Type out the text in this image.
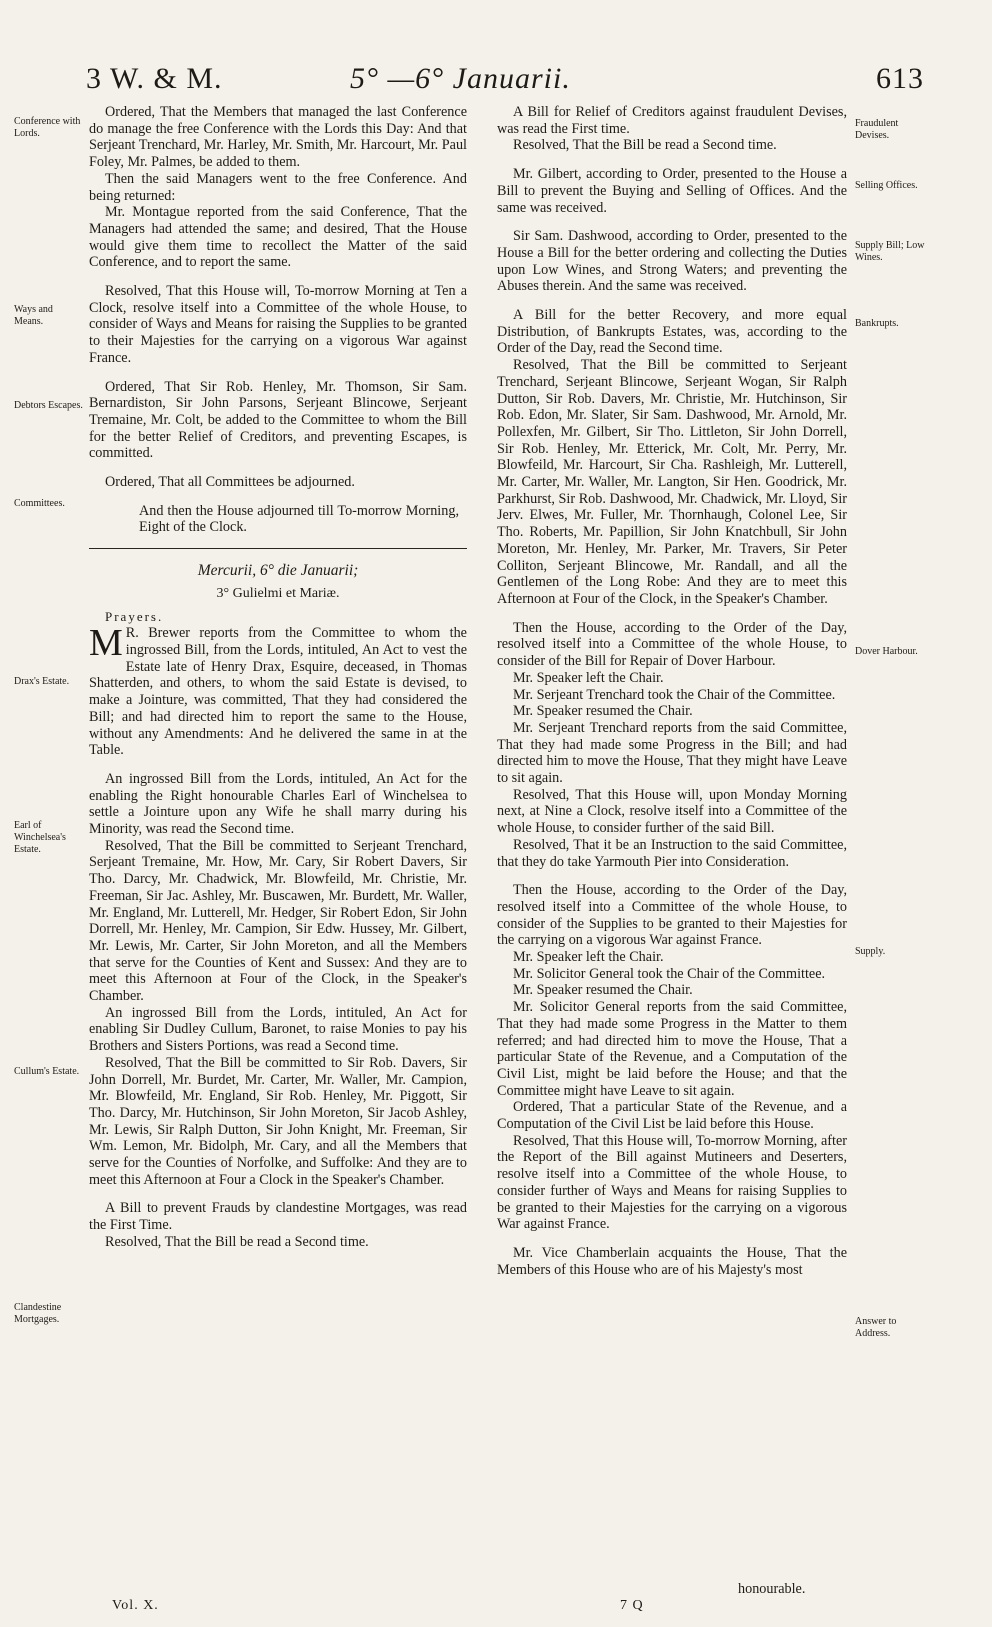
3 W. & M.	5° —6° Januarii.	613
Conference with Lords.
Ways and Means.
Debtors Escapes.
Committees.
Drax's Estate.
Earl of Winchelsea's Estate.
Cullum's Estate.
Clandestine Mortgages.
Fraudulent Devises.
Selling Offices.
Supply Bill; Low Wines.
Bankrupts.
Dover Harbour.
Supply.
Answer to Address.

Ordered, That the Members that managed the last Conference do manage the free Conference with the Lords this Day: And that Serjeant Trenchard, Mr. Harley, Mr. Smith, Mr. Harcourt, Mr. Paul Foley, Mr. Palmes, be added to them.

Then the said Managers went to the free Conference. And being returned:

Mr. Montague reported from the said Conference, That the Managers had attended the same; and desired, That the House would give them time to recollect the Matter of the said Conference, and to report the same.

Resolved, That this House will, To-morrow Morning at Ten a Clock, resolve itself into a Committee of the whole House, to consider of Ways and Means for raising the Supplies to be granted to their Majesties for the carrying on a vigorous War against France.

Ordered, That Sir Rob. Henley, Mr. Thomson, Sir Sam. Bernardiston, Sir John Parsons, Serjeant Blincowe, Serjeant Tremaine, Mr. Colt, be added to the Committee to whom the Bill for the better Relief of Creditors, and preventing Escapes, is committed.

Ordered, That all Committees be adjourned.

And then the House adjourned till To-morrow Morning, Eight of the Clock.

Mercurii, 6° die Januarii;

3° Gulielmi et Mariæ.

Prayers.

M R. Brewer reports from the Committee to whom the ingrossed Bill, from the Lords, intituled, An Act to vest the Estate late of Henry Drax, Esquire, deceased, in Thomas Shatterden, and others, to whom the said Estate is devised, to make a Jointure, was committed, That they had considered the Bill; and had directed him to report the same to the House, without any Amendments: And he delivered the same in at the Table.

An ingrossed Bill from the Lords, intituled, An Act for the enabling the Right honourable Charles Earl of Winchelsea to settle a Jointure upon any Wife he shall marry during his Minority, was read the Second time.

Resolved, That the Bill be committed to Serjeant Trenchard, Serjeant Tremaine, Mr. How, Mr. Cary, Sir Robert Davers, Sir Tho. Darcy, Mr. Chadwick, Mr. Blowfeild, Mr. Christie, Mr. Freeman, Sir Jac. Ashley, Mr. Buscawen, Mr. Burdett, Mr. Waller, Mr. England, Mr. Lutterell, Mr. Hedger, Sir Robert Edon, Sir John Dorrell, Mr. Henley, Mr. Campion, Sir Edw. Hussey, Mr. Gilbert, Mr. Lewis, Mr. Carter, Sir John Moreton, and all the Members that serve for the Counties of Kent and Sussex: And they are to meet this Afternoon at Four of the Clock, in the Speaker's Chamber.

An ingrossed Bill from the Lords, intituled, An Act for enabling Sir Dudley Cullum, Baronet, to raise Monies to pay his Brothers and Sisters Portions, was read a Second time.

Resolved, That the Bill be committed to Sir Rob. Davers, Sir John Dorrell, Mr. Burdet, Mr. Carter, Mr. Waller, Mr. Campion, Mr. Blowfeild, Mr. England, Sir Rob. Henley, Mr. Piggott, Sir Tho. Darcy, Mr. Hutchinson, Sir John Moreton, Sir Jacob Ashley, Mr. Lewis, Sir Ralph Dutton, Sir John Knight, Mr. Freeman, Sir Wm. Lemon, Mr. Bidolph, Mr. Cary, and all the Members that serve for the Counties of Norfolke, and Suffolke: And they are to meet this Afternoon at Four a Clock in the Speaker's Chamber.

A Bill to prevent Frauds by clandestine Mortgages, was read the First Time.

Resolved, That the Bill be read a Second time.

A Bill for Relief of Creditors against fraudulent Devises, was read the First time.

Resolved, That the Bill be read a Second time.

Mr. Gilbert, according to Order, presented to the House a Bill to prevent the Buying and Selling of Offices. And the same was received.

Sir Sam. Dashwood, according to Order, presented to the House a Bill for the better ordering and collecting the Duties upon Low Wines, and Strong Waters; and preventing the Abuses therein. And the same was received.

A Bill for the better Recovery, and more equal Distribution, of Bankrupts Estates, was, according to the Order of the Day, read the Second time.

Resolved, That the Bill be committed to Serjeant Trenchard, Serjeant Blincowe, Serjeant Wogan, Sir Ralph Dutton, Sir Rob. Davers, Mr. Christie, Mr. Hutchinson, Sir Rob. Edon, Mr. Slater, Sir Sam. Dashwood, Mr. Arnold, Mr. Pollexfen, Mr. Gilbert, Sir Tho. Littleton, Sir John Dorrell, Sir Rob. Henley, Mr. Etterick, Mr. Colt, Mr. Perry, Mr. Blowfeild, Mr. Harcourt, Sir Cha. Rashleigh, Mr. Lutterell, Mr. Carter, Mr. Waller, Mr. Langton, Sir Hen. Goodrick, Mr. Parkhurst, Sir Rob. Dashwood, Mr. Chadwick, Mr. Lloyd, Sir Jerv. Elwes, Mr. Fuller, Mr. Thornhaugh, Colonel Lee, Sir Tho. Roberts, Mr. Papillion, Sir John Knatchbull, Sir John Moreton, Mr. Henley, Mr. Parker, Mr. Travers, Sir Peter Colliton, Serjeant Blincowe, Mr. Randall, and all the Gentlemen of the Long Robe: And they are to meet this Afternoon at Four of the Clock, in the Speaker's Chamber.

Then the House, according to the Order of the Day, resolved itself into a Committee of the whole House, to consider of the Bill for Repair of Dover Harbour.

Mr. Speaker left the Chair.

Mr. Serjeant Trenchard took the Chair of the Committee.

Mr. Speaker resumed the Chair.

Mr. Serjeant Trenchard reports from the said Committee, That they had made some Progress in the Bill; and had directed him to move the House, That they might have Leave to sit again.

Resolved, That this House will, upon Monday Morning next, at Nine a Clock, resolve itself into a Committee of the whole House, to consider further of the said Bill.

Resolved, That it be an Instruction to the said Committee, that they do take Yarmouth Pier into Consideration.

Then the House, according to the Order of the Day, resolved itself into a Committee of the whole House, to consider of the Supplies to be granted to their Majesties for the carrying on a vigorous War against France.

Mr. Speaker left the Chair.

Mr. Solicitor General took the Chair of the Committee.

Mr. Speaker resumed the Chair.

Mr. Solicitor General reports from the said Committee, That they had made some Progress in the Matter to them referred; and had directed him to move the House, That a particular State of the Revenue, and a Computation of the Civil List, might be laid before the House; and that the Committee might have Leave to sit again.

Ordered, That a particular State of the Revenue, and a Computation of the Civil List be laid before this House.

Resolved, That this House will, To-morrow Morning, after the Report of the Bill against Mutineers and Deserters, resolve itself into a Committee of the whole House, to consider further of Ways and Means for raising Supplies to be granted to their Majesties for the carrying on a vigorous War against France.

Mr. Vice Chamberlain acquaints the House, That the Members of this House who are of his Majesty's most

Vol. X.	7 Q
honourable.
